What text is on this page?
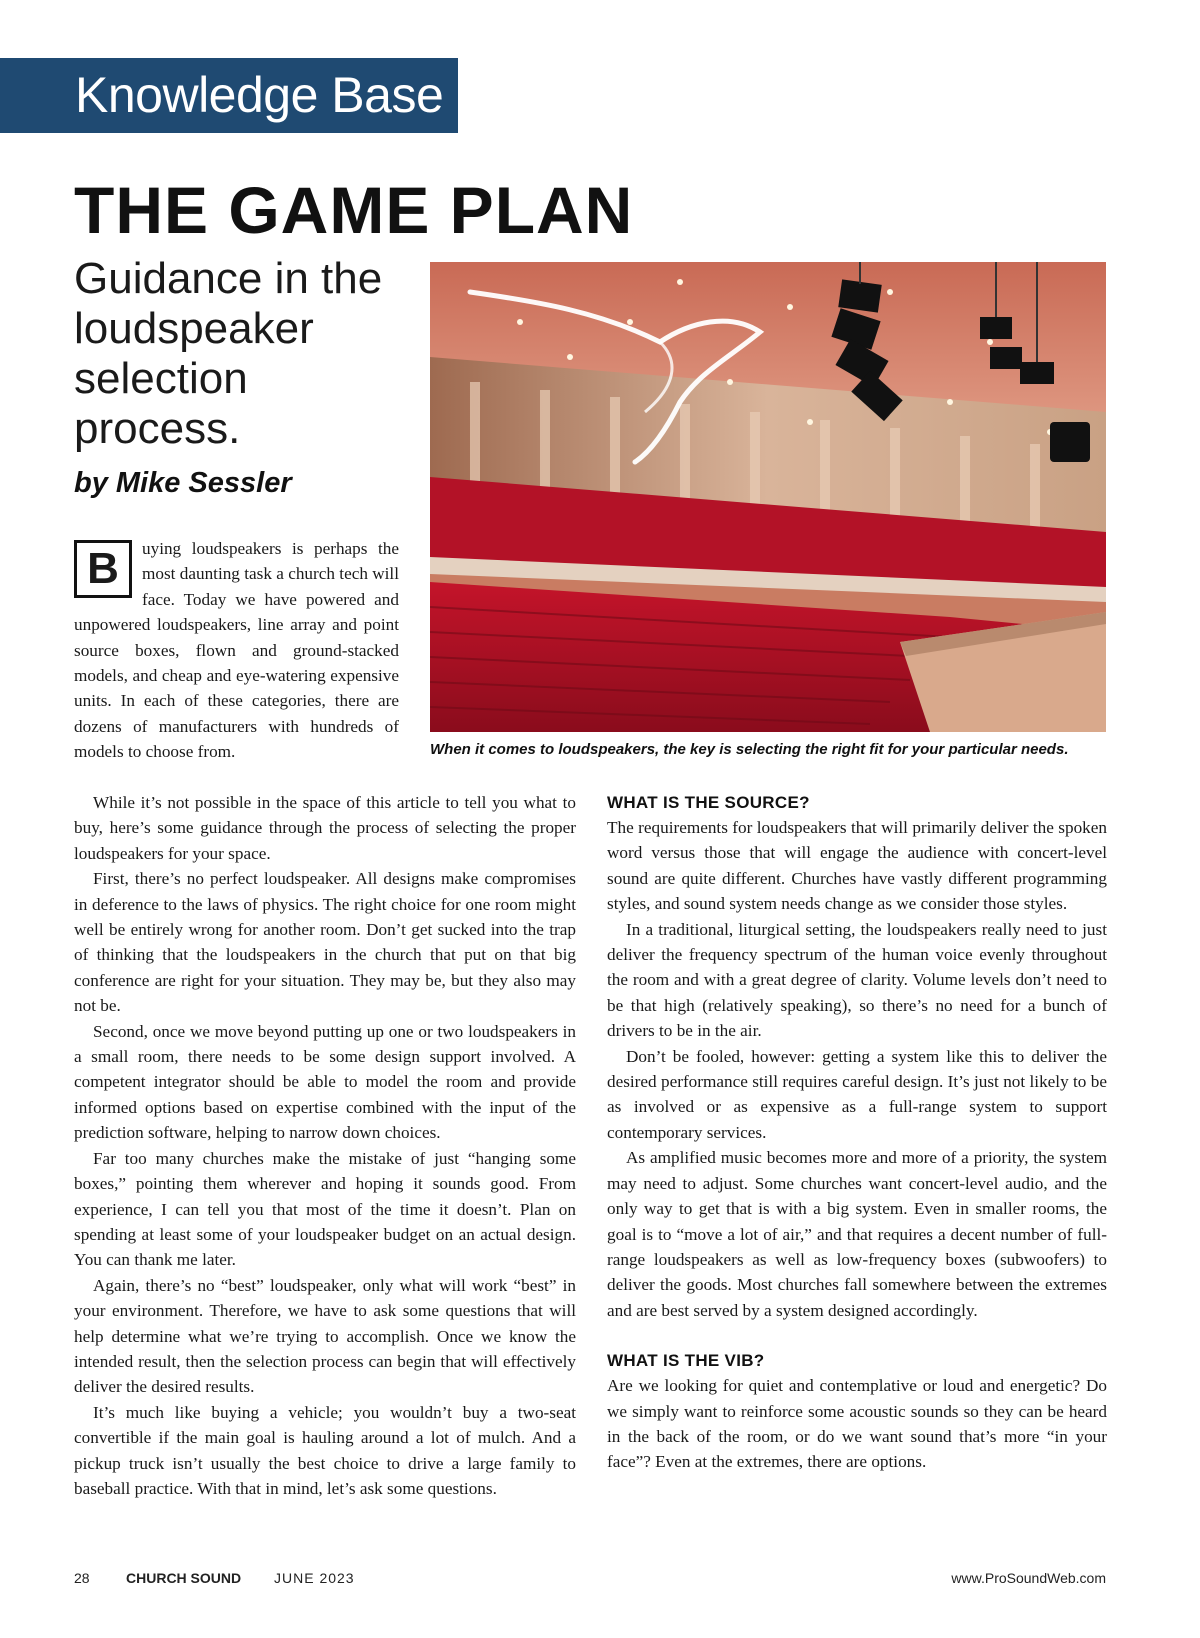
Knowledge Base
THE GAME PLAN

Guidance in the loudspeaker selection process.

by Mike Sessler
When it comes to loudspeakers, the key is selecting the right fit for your particular needs.
B	uying loudspeakers is perhaps the most daunting task a church tech will face. Today we have powered and unpowered loudspeakers, line array and point source boxes, flown and ground-stacked models, and cheap and eye-watering expensive units. In each of these categories, there are dozens of manufacturers with hundreds of models to choose from.

While it’s not possible in the space of this article to tell you what to buy, here’s some guidance through the process of selecting the proper loudspeakers for your space.

First, there’s no perfect loudspeaker. All designs make compromises in deference to the laws of physics. The right choice for one room might well be entirely wrong for another room. Don’t get sucked into the trap of thinking that the loudspeakers in the church that put on that big conference are right for your situation. They may be, but they also may not be.

Second, once we move beyond putting up one or two loudspeakers in a small room, there needs to be some design support involved. A competent integrator should be able to model the room and provide informed options based on expertise combined with the input of the prediction software, helping to narrow down choices.

Far too many churches make the mistake of just “hanging some boxes,” pointing them wherever and hoping it sounds good. From experience, I can tell you that most of the time it doesn’t. Plan on spending at least some of your loudspeaker budget on an actual design. You can thank me later.

Again, there’s no “best” loudspeaker, only what will work “best” in your environment. Therefore, we have to ask some questions that will help determine what we’re trying to accomplish. Once we know the intended result, then the selection process can begin that will effectively deliver the desired results.

It’s much like buying a vehicle; you wouldn’t buy a two-seat convertible if the main goal is hauling around a lot of mulch. And a pickup truck isn’t usually the best choice to drive a large family to baseball practice. With that in mind, let’s ask some questions.

WHAT IS THE SOURCE?

The requirements for loudspeakers that will primarily deliver the spoken word versus those that will engage the audience with concert-level sound are quite different. Churches have vastly different programming styles, and sound system needs change as we consider those styles.

In a traditional, liturgical setting, the loudspeakers really need to just deliver the frequency spectrum of the human voice evenly throughout the room and with a great degree of clarity. Volume levels don’t need to be that high (relatively speaking), so there’s no need for a bunch of drivers to be in the air.

Don’t be fooled, however: getting a system like this to deliver the desired performance still requires careful design. It’s just not likely to be as involved or as expensive as a full-range system to support contemporary services.

As amplified music becomes more and more of a priority, the system may need to adjust. Some churches want concert-level audio, and the only way to get that is with a big system. Even in smaller rooms, the goal is to “move a lot of air,” and that requires a decent number of full-range loudspeakers as well as low-frequency boxes (subwoofers) to deliver the goods. Most churches fall somewhere between the extremes and are best served by a system designed accordingly.

WHAT IS THE VIB?

Are we looking for quiet and contemplative or loud and energetic? Do we simply want to reinforce some acoustic sounds so they can be heard in the back of the room, or do we want sound that’s more “in your face”? Even at the extremes, there are options.

28	CHURCH SOUND JUNE 2023	www.ProSoundWeb.com
